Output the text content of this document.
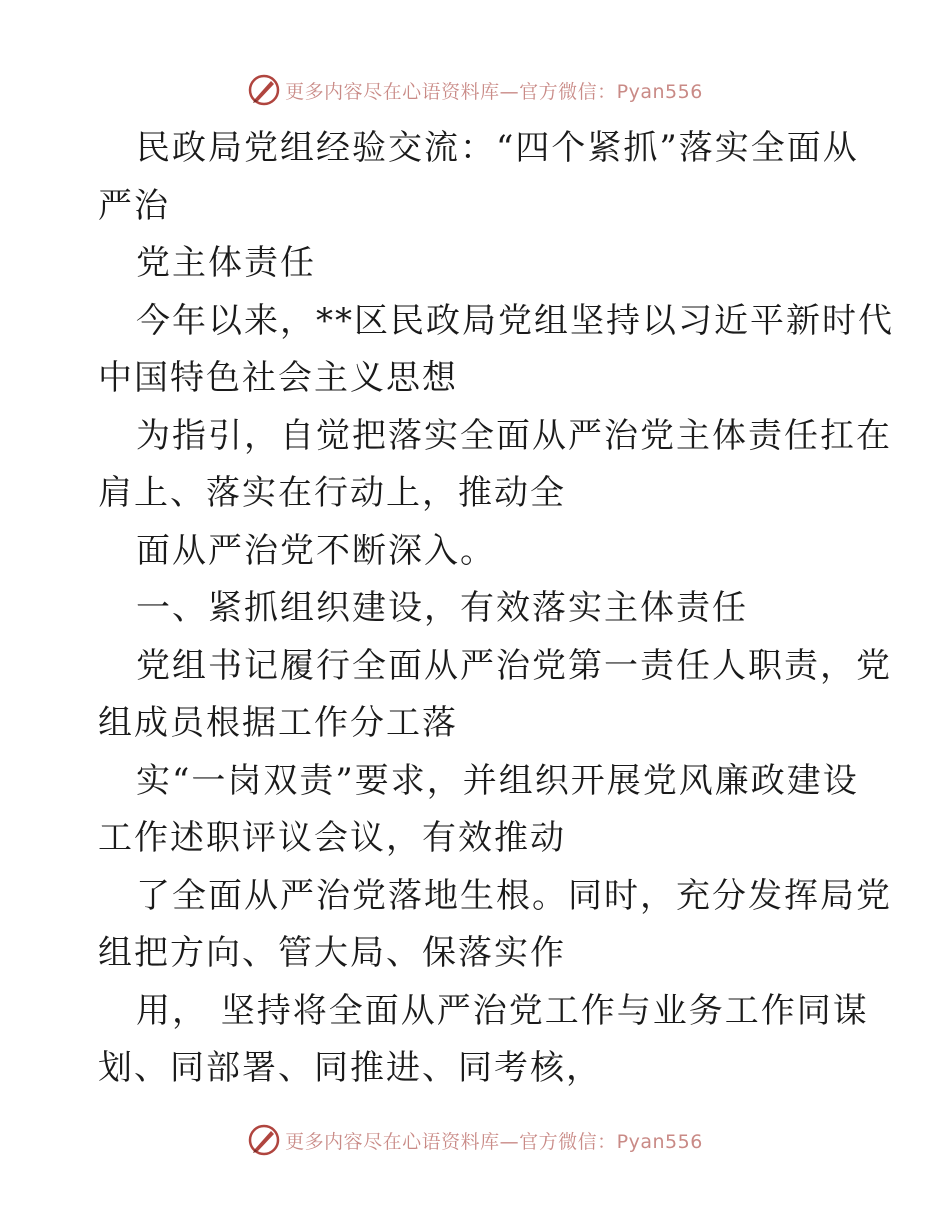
更多内容尽在心语资料库—官方微信：Pyan556
民政局党组经验交流：“四个紧抓”落实全面从
严治
党主体责任
今年以来，**区民政局党组坚持以习近平新时代
中国特色社会主义思想
为指引，自觉把落实全面从严治党主体责任扛在
肩上、落实在行动上，推动全
面从严治党不断深入。
一、紧抓组织建设，有效落实主体责任
党组书记履行全面从严治党第一责任人职责，党
组成员根据工作分工落
实“一岗双责”要求，并组织开展党风廉政建设
工作述职评议会议，有效推动
了全面从严治党落地生根。同时，充分发挥局党
组把方向、管大局、保落实作
用， 坚持将全面从严治党工作与业务工作同谋
划、同部署、同推进、同考核，
更多内容尽在心语资料库—官方微信：Pyan556
